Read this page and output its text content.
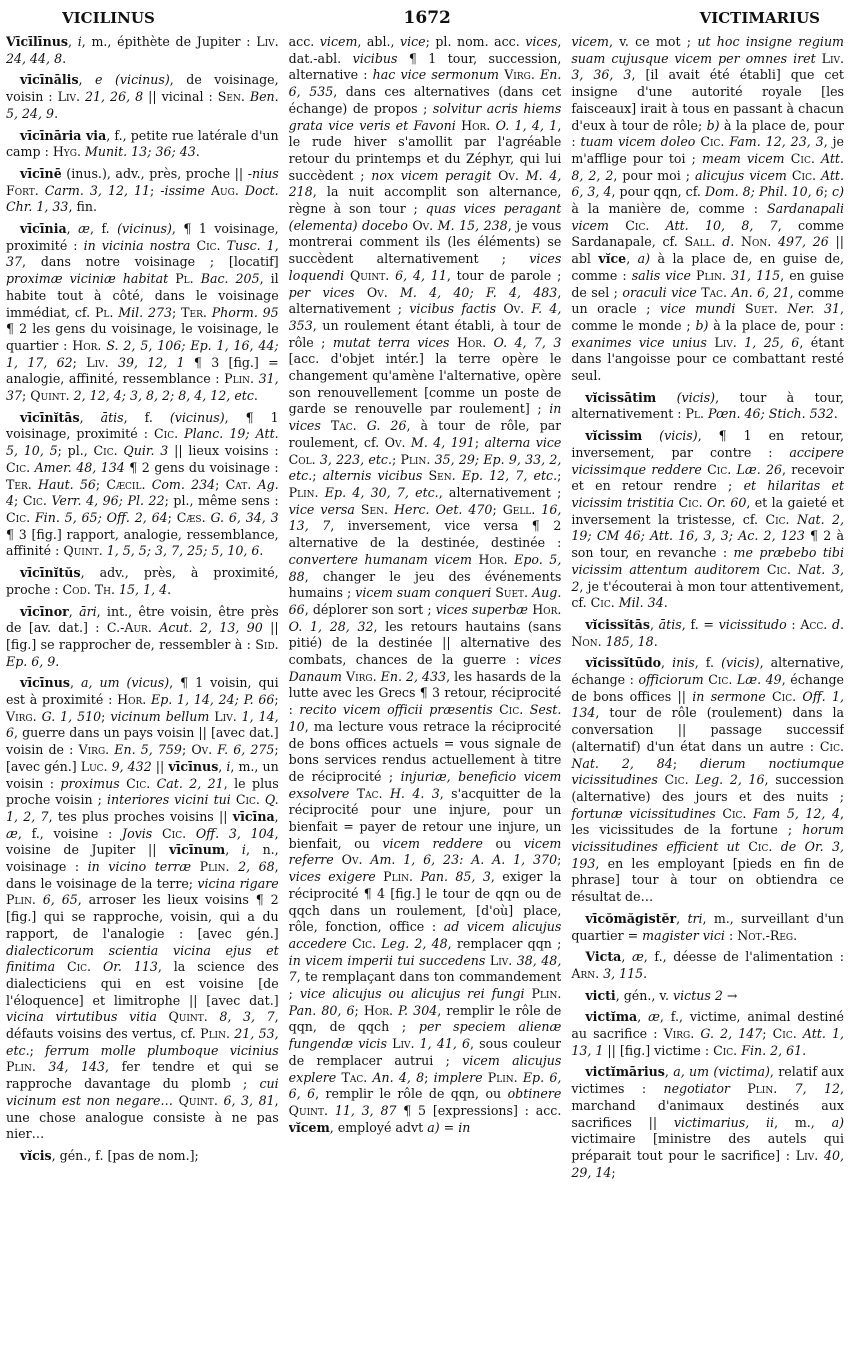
VICILINUS	1672	VICTIMARIUS

Vīcīlīnus, i, m., épithète de Jupiter : Liv. 24, 44, 8.

vīcīnālis, e (vicinus), de voisinage, voisin : Liv. 21, 26, 8 || vicinal : Sen. Ben. 5, 24, 9.

vīcīnāria via, f., petite rue latérale d'un camp : Hyg. Munit. 13; 36; 43.

vīcīnē (inus.), adv., près, proche || -nius Fort. Carm. 3, 12, 11; -issime Aug. Doct. Chr. 1, 33, fin.

vīcīnia, æ, f. (vicinus), ¶ 1 voisinage, proximité : in vicinia nostra Cic. Tusc. 1, 37, dans notre voisinage ; [locatif] proximæ viciniæ habitat Pl. Bac. 205, il habite tout à côté, dans le voisinage immédiat, cf. Pl. Mil. 273; Ter. Phorm. 95 ¶ 2 les gens du voisinage, le voisinage, le quartier : Hor. S. 2, 5, 106; Ep. 1, 16, 44; 1, 17, 62; Liv. 39, 12, 1 ¶ 3 [fig.] = analogie, affinité, ressemblance : Plin. 31, 37; Quint. 2, 12, 4; 3, 8, 2; 8, 4, 12, etc.

vīcīnĭtās, ātis, f. (vicinus), ¶ 1 voisinage, proximité : Cic. Planc. 19; Att. 5, 10, 5; pl., Cic. Quir. 3 || lieux voisins : Cic. Amer. 48, 134 ¶ 2 gens du voisinage : Ter. Haut. 56; Cæcil. Com. 234; Cat. Ag. 4; Cic. Verr. 4, 96; Pl. 22; pl., même sens : Cic. Fin. 5, 65; Off. 2, 64; Cæs. G. 6, 34, 3 ¶ 3 [fig.] rapport, analogie, ressemblance, affinité : Quint. 1, 5, 5; 3, 7, 25; 5, 10, 6.

vīcīnĭtŭs, adv., près, à proximité, proche : Cod. Th. 15, 1, 4.

vīcīnor, āri, int., être voisin, être près de [av. dat.] : C.-Aur. Acut. 2, 13, 90 || [fig.] se rapprocher de, ressembler à : Sid. Ep. 6, 9.

vīcīnus, a, um (vicus), ¶ 1 voisin, qui est à proximité : Hor. Ep. 1, 14, 24; P. 66; Virg. G. 1, 510; vicinum bellum Liv. 1, 14, 6, guerre dans un pays voisin || [avec dat.] voisin de : Virg. En. 5, 759; Ov. F. 6, 275; [avec gén.] Luc. 9, 432 || vīcīnus, i, m., un voisin : proximus Cic. Cat. 2, 21, le plus proche voisin ; interiores vicini tui Cic. Q. 1, 2, 7, tes plus proches voisins || vīcīna, æ, f., voisine : Jovis Cic. Off. 3, 104, voisine de Jupiter || vīcīnum, i, n., voisinage : in vicino terræ Plin. 2, 68, dans le voisinage de la terre; vicina rigare Plin. 6, 65, arroser les lieux voisins ¶ 2 [fig.] qui se rapproche, voisin, qui a du rapport, de l'analogie : [avec gén.] dialecticorum scientia vicina ejus et finitima Cic. Or. 113, la science des dialecticiens qui en est voisine [de l'éloquence] et limitrophe || [avec dat.] vicina virtutibus vitia Quint. 8, 3, 7, défauts voisins des vertus, cf. Plin. 21, 53, etc.; ferrum molle plumboque vicinius Plin. 34, 143, fer tendre et qui se rapproche davantage du plomb ; cui vicinum est non negare… Quint. 6, 3, 81, une chose analogue consiste à ne pas nier…

vĭcis, gén., f. [pas de nom.];

acc. vicem, abl., vice; pl. nom. acc. vices, dat.-abl. vicibus ¶ 1 tour, succession, alternative : hac vice sermonum Virg. En. 6, 535, dans ces alternatives (dans cet échange) de propos ; solvitur acris hiems grata vice veris et Favoni Hor. O. 1, 4, 1, le rude hiver s'amollit par l'agréable retour du printemps et du Zéphyr, qui lui succèdent ; nox vicem peragit Ov. M. 4, 218, la nuit accomplit son alternance, règne à son tour ; quas vices peragant (elementa) docebo Ov. M. 15, 238, je vous montrerai comment ils (les éléments) se succèdent alternativement ; vices loquendi Quint. 6, 4, 11, tour de parole ; per vices Ov. M. 4, 40; F. 4, 483, alternativement ; vicibus factis Ov. F. 4, 353, un roulement étant établi, à tour de rôle ; mutat terra vices Hor. O. 4, 7, 3 [acc. d'objet intér.] la terre opère le changement qu'amène l'alternative, opère son renouvellement [comme un poste de garde se renouvelle par roulement] ; in vices Tac. G. 26, à tour de rôle, par roulement, cf. Ov. M. 4, 191; alterna vice Col. 3, 223, etc.; Plin. 35, 29; Ep. 9, 33, 2, etc.; alternis vicibus Sen. Ep. 12, 7, etc.; Plin. Ep. 4, 30, 7, etc., alternativement ; vice versa Sen. Herc. Oet. 470; Gell. 16, 13, 7, inversement, vice versa ¶ 2 alternative de la destinée, destinée : convertere humanam vicem Hor. Epo. 5, 88, changer le jeu des événements humains ; vicem suam conqueri Suet. Aug. 66, déplorer son sort ; vices superbæ Hor. O. 1, 28, 32, les retours hautains (sans pitié) de la destinée || alternative des combats, chances de la guerre : vices Danaum Virg. En. 2, 433, les hasards de la lutte avec les Grecs ¶ 3 retour, réciprocité : recito vicem officii præsentis Cic. Sest. 10, ma lecture vous retrace la réciprocité de bons offices actuels = vous signale de bons services rendus actuellement à titre de réciprocité ; injuriæ, beneficio vicem exsolvere Tac. H. 4. 3, s'acquitter de la réciprocité pour une injure, pour un bienfait = payer de retour une injure, un bienfait, ou vicem reddere ou vicem referre Ov. Am. 1, 6, 23: A. A. 1, 370; vices exigere Plin. Pan. 85, 3, exiger la réciprocité ¶ 4 [fig.] le tour de qqn ou de qqch dans un roulement, [d'où] place, rôle, fonction, office : ad vicem alicujus accedere Cic. Leg. 2, 48, remplacer qqn ; in vicem imperii tui succedens Liv. 38, 48, 7, te remplaçant dans ton commandement ; vice alicujus ou alicujus rei fungi Plin. Pan. 80, 6; Hor. P. 304, remplir le rôle de qqn, de qqch ; per speciem alienæ fungendæ vicis Liv. 1, 41, 6, sous couleur de remplacer autrui ; vicem alicujus explere Tac. An. 4, 8; implere Plin. Ep. 6, 6, 6, remplir le rôle de qqn, ou obtinere Quint. 11, 3, 87 ¶ 5 [expressions] : acc. vĭcem, employé advt a) = in

vicem, v. ce mot ; ut hoc insigne regium suam cujusque vicem per omnes iret Liv. 3, 36, 3, [il avait été établi] que cet insigne d'une autorité royale [les faisceaux] irait à tous en passant à chacun d'eux à tour de rôle; b) à la place de, pour : tuam vicem doleo Cic. Fam. 12, 23, 3, je m'afflige pour toi ; meam vicem Cic. Att. 8, 2, 2, pour moi ; alicujus vicem Cic. Att. 6, 3, 4, pour qqn, cf. Dom. 8; Phil. 10, 6; c) à la manière de, comme : Sardanapali vicem Cic. Att. 10, 8, 7, comme Sardanapale, cf. Sall. d. Non. 497, 26 || abl vĭce, a) à la place de, en guise de, comme : salis vice Plin. 31, 115, en guise de sel ; oraculi vice Tac. An. 6, 21, comme un oracle ; vice mundi Suet. Ner. 31, comme le monde ; b) à la place de, pour : exanimes vice unius Liv. 1, 25, 6, étant dans l'angoisse pour ce combattant resté seul.

vĭcissātim (vicis), tour à tour, alternativement : Pl. Pœn. 46; Stich. 532.

vĭcissim (vicis), ¶ 1 en retour, inversement, par contre : accipere vicissimque reddere Cic. Læ. 26, recevoir et en retour rendre ; et hilaritas et vicissim tristitia Cic. Or. 60, et la gaieté et inversement la tristesse, cf. Cic. Nat. 2, 19; CM 46; Att. 16, 3, 3; Ac. 2, 123 ¶ 2 à son tour, en revanche : me præbebo tibi vicissim attentum auditorem Cic. Nat. 3, 2, je t'écouterai à mon tour attentivement, cf. Cic. Mil. 34.

vĭcissĭtās, ātis, f. = vicissitudo : Acc. d. Non. 185, 18.

vĭcissĭtūdo, inis, f. (vicis), alternative, échange : officiorum Cic. Læ. 49, échange de bons offices || in sermone Cic. Off. 1, 134, tour de rôle (roulement) dans la conversation || passage successif (alternatif) d'un état dans un autre : Cic. Nat. 2, 84; dierum noctiumque vicissitudines Cic. Leg. 2, 16, succession (alternative) des jours et des nuits ; fortunæ vicissitudines Cic. Fam 5, 12, 4, les vicissitudes de la fortune ; horum vicissitudines efficient ut Cic. de Or. 3, 193, en les employant [pieds en fin de phrase] tour à tour on obtiendra ce résultat de…

vīcŏmăgistĕr, tri, m., surveillant d'un quartier = magister vici : Not.-Reg.

Victa, æ, f., déesse de l'alimentation : Arn. 3, 115.

victi, gén., v. victus 2 →

victĭma, æ, f., victime, animal destiné au sacrifice : Virg. G. 2, 147; Cic. Att. 1, 13, 1 || [fig.] victime : Cic. Fin. 2, 61.

victĭmārius, a, um (victima), relatif aux victimes : negotiator Plin. 7, 12, marchand d'animaux destinés aux sacrifices || victimarius, ii, m., a) victimaire [ministre des autels qui préparait tout pour le sacrifice] : Liv. 40, 29, 14;
